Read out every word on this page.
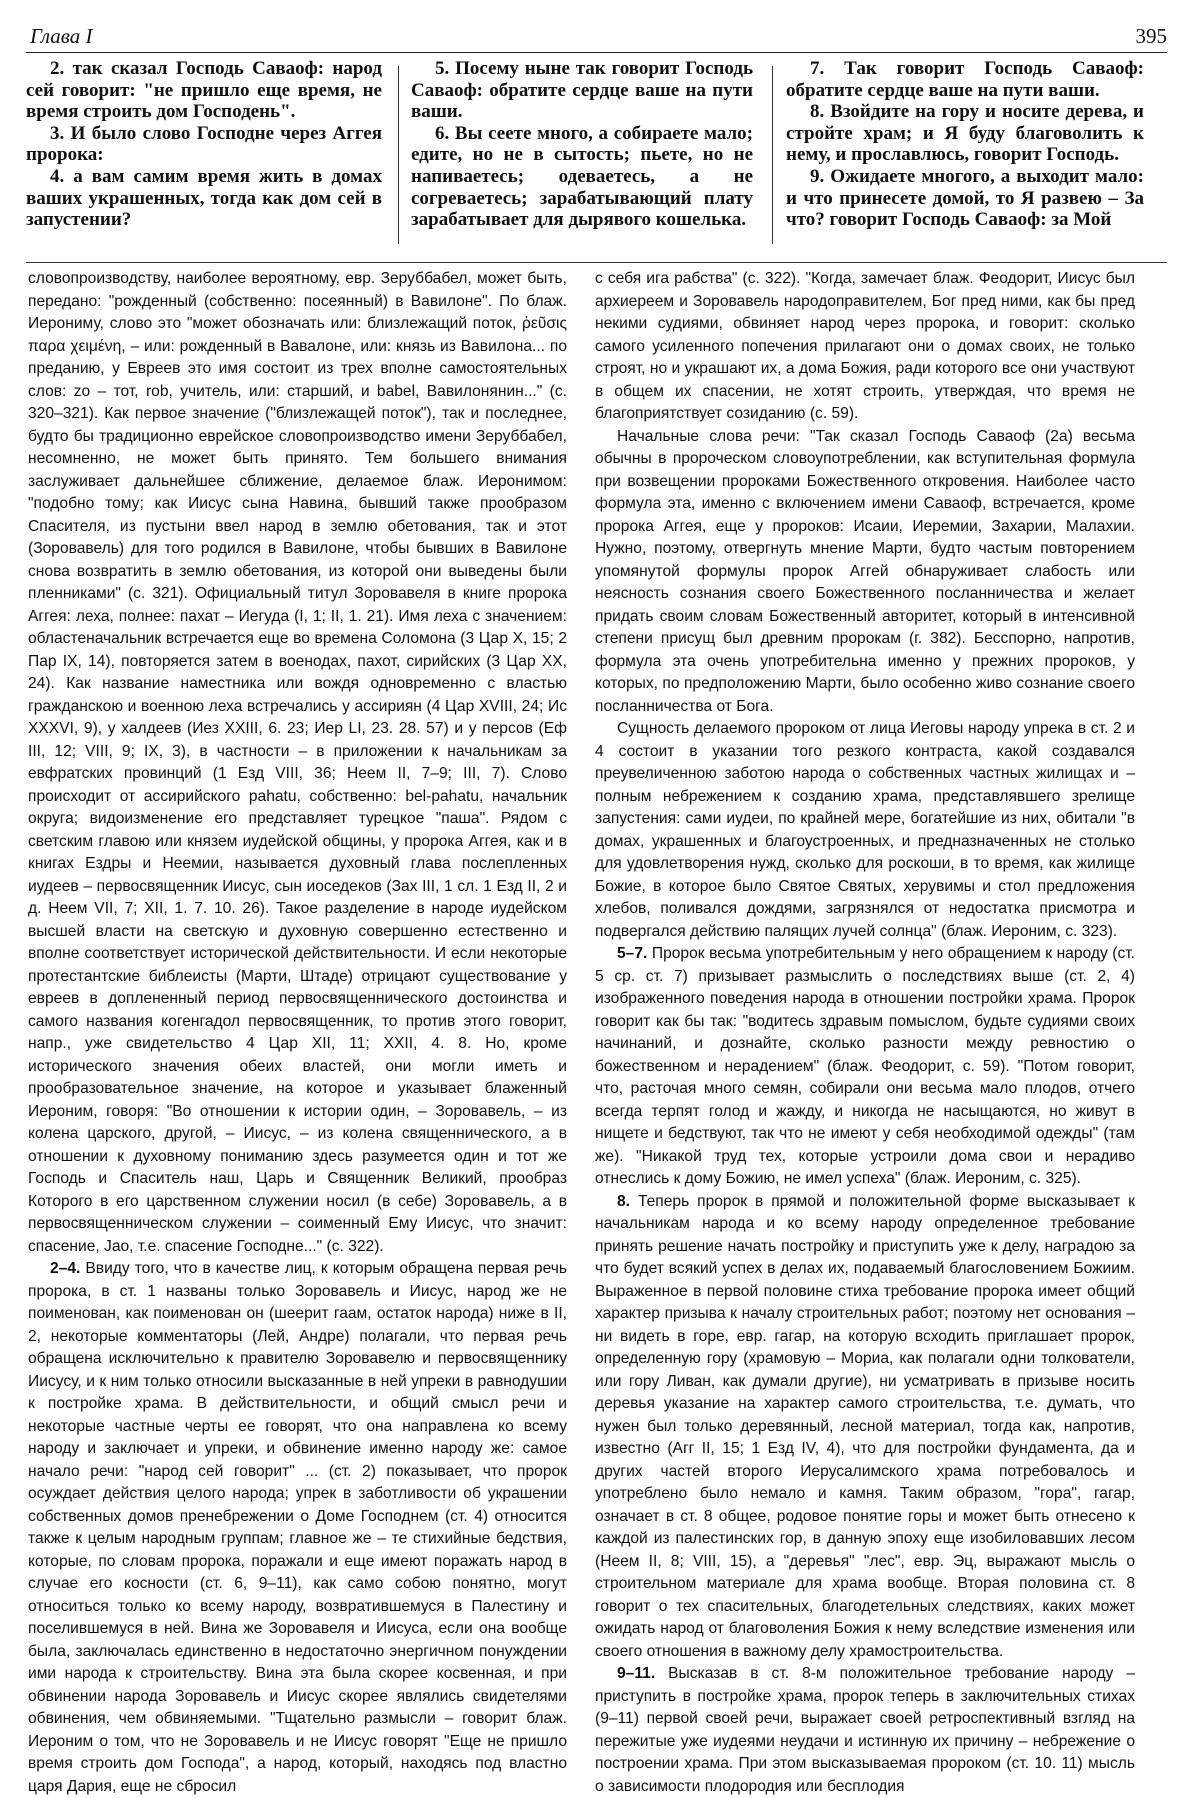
Глава I	395

2. так сказал Господь Саваоф: народ сей говорит: "не пришло еще время, не время строить дом Господень".

3. И было слово Господне через Аггея пророка:

4. а вам самим время жить в домах ваших украшенных, тогда как дом сей в запустении?

5. Посему ныне так говорит Господь Саваоф: обратите сердце ваше на пути ваши.

6. Вы сеете много, а собираете мало; едите, но не в сытость; пьете, но не напиваетесь; одеваетесь, а не согреваетесь; зарабатывающий плату зарабатывает для дырявого кошелька.

7. Так говорит Господь Саваоф: обратите сердце ваше на пути ваши.

8. Взойдите на гору и носите дерева, и стройте храм; и Я буду благоволить к нему, и прославлюсь, говорит Господь.

9. Ожидаете многого, а выходит мало: и что принесете домой, то Я развею – За что? говорит Господь Саваоф: за Мой

словопроизводству, наиболее вероятному, евр. Зеруббабел, может быть, передано: "рожденный (собственно: посеянный) в Вавилоне". По блаж. Иерониму, слово это "может обозначать или: близлежащий поток, ῥεῦσις παρα χειμένη, – или: рожденный в Вавалоне, или: князь из Вавилона... по преданию, у Евреев это имя состоит из трех вполне самостоятельных слов: zo – тот, rob, учитель, или: старший, и babel, Вавилонянин..." (с. 320–321). Как первое значение ("близлежащей поток"), так и последнее, будто бы традиционно еврейское словопроизводство имени Зеруббабел, несомненно, не может быть принято. Тем большего внимания заслуживает дальнейшее сближение, делаемое блаж. Иеронимом: "подобно тому; как Иисус сына Навина, бывший также прообразом Спасителя, из пустыни ввел народ в землю обетования, так и этот (Зоровавель) для того родился в Вавилоне, чтобы бывших в Вавилоне снова возвратить в землю обетования, из которой они выведены были пленниками" (с. 321). Официальный титул Зоровавеля в книге пророка Аггея: леха, полнее: пахат – Иегуда (I, 1; II, 1. 21). Имя леха с значением: областеначальник встречается еще во времена Соломона (3 Цар X, 15; 2 Пар IX, 14), повторяется затем в военодах, пахот, сирийских (3 Цар XX, 24). Как название наместника или вождя одновременно с властью гражданскою и военною леха встречались у ассириян (4 Цар XVIII, 24; Ис XXXVI, 9), у халдеев (Иез XXIII, 6. 23; Иер LI, 23. 28. 57) и у персов (Еф III, 12; VIII, 9; IX, 3), в частности – в приложении к начальникам за евфратских провинций (1 Езд VIII, 36; Неем II, 7–9; III, 7). Слово происходит от ассирийского pahatu, собственно: bel-pahatu, начальник округа; видоизменение его представляет турецкое "паша". Рядом с светским главою или князем иудейской общины, у пророка Аггея, как и в книгах Ездры и Неемии, называется духовный глава послепленных иудеев – первосвященник Иисус, сын иоседеков (Зах III, 1 сл. 1 Езд II, 2 и д. Неем VII, 7; XII, 1. 7. 10. 26). Такое разделение в народе иудейском высшей власти на светскую и духовную совершенно естественно и вполне соответствует исторической действительности. И если некоторые протестантские библеисты (Марти, Штаде) отрицают существование у евреев в доплененный период первосвященнического достоинства и самого названия когенгадол первосвященник, то против этого говорит, напр., уже свидетельство 4 Цар XII, 11; XXII, 4. 8. Но, кроме исторического значения обеих властей, они могли иметь и прообразовательное значение, на которое и указывает блаженный Иероним, говоря: "Во отношении к истории один, – Зоровавель, – из колена царского, другой, – Иисус, – из колена священнического, а в отношении к духовному пониманию здесь разумеется один и тот же Господь и Спаситель наш, Царь и Священник Великий, прообраз Которого в его царственном служении носил (в себе) Зоровавель, а в первосвященническом служении – соименный Ему Иисус, что значит: спасение, Jao, т.е. спасение Господне..." (с. 322).

2–4. Ввиду того, что в качестве лиц, к которым обращена первая речь пророка, в ст. 1 названы только Зоровавель и Иисус, народ же не поименован, как поименован он (шеерит гаам, остаток народа) ниже в II, 2, некоторые комментаторы (Лей, Андре) полагали, что первая речь обращена исключительно к правителю Зоровавелю и первосвященнику Иисусу, и к ним только относили высказанные в ней упреки в равнодушии к постройке храма. В действительности, и общий смысл речи и некоторые частные черты ее говорят, что она направлена ко всему народу и заключает и упреки, и обвинение именно народу же: самое начало речи: "народ сей говорит" ... (ст. 2) показывает, что пророк осуждает действия целого народа; упрек в заботливости об украшении собственных домов пренебрежении о Доме Господнем (ст. 4) относится также к целым народным группам; главное же – те стихийные бедствия, которые, по словам пророка, поражали и еще имеют поражать народ в случае его косности (ст. 6, 9–11), как само собою понятно, могут относиться только ко всему народу, возвратившемуся в Палестину и поселившемуся в ней. Вина же Зоровавеля и Иисуса, если она вообще была, заключалась единственно в недостаточно энергичном понуждении ими народа к строительству. Вина эта была скорее косвенная, и при обвинении народа Зоровавель и Иисус скорее являлись свидетелями обвинения, чем обвиняемыми. "Тщательно размысли – говорит блаж. Иероним о том, что не Зоровавель и не Иисус говорят "Еще не пришло время строить дом Господа", а народ, который, находясь под властно царя Дария, еще не сбросил

с себя ига рабства" (с. 322). "Когда, замечает блаж. Феодорит, Иисус был архиереем и Зоровавель народоправителем, Бог пред ними, как бы пред некими судиями, обвиняет народ через пророка, и говорит: сколько самого усиленного попечения прилагают они о домах своих, не только строят, но и украшают их, а дома Божия, ради которого все они участвуют в общем их спасении, не хотят строить, утверждая, что время не благоприятствует созиданию (с. 59).

Начальные слова речи: "Так сказал Господь Саваоф (2а) весьма обычны в пророческом словоупотреблении, как вступительная формула при возвещении пророками Божественного откровения. Наиболее часто формула эта, именно с включением имени Саваоф, встречается, кроме пророка Аггея, еще у пророков: Исаии, Иеремии, Захарии, Малахии. Нужно, поэтому, отвергнуть мнение Марти, будто частым повторением упомянутой формулы пророк Аггей обнаруживает слабость или неясность сознания своего Божественного посланничества и желает придать своим словам Божественный авторитет, который в интенсивной степени присущ был древним пророкам (г. 382). Бесспорно, напротив, формула эта очень употребительна именно у прежних пророков, у которых, по предположению Марти, было особенно живо сознание своего посланничества от Бога.

Сущность делаемого пророком от лица Иеговы народу упрека в ст. 2 и 4 состоит в указании того резкого контраста, какой создавался преувеличенною заботою народа о собственных частных жилищах и – полным небрежением к созданию храма, представлявшего зрелище запустения: сами иудеи, по крайней мере, богатейшие из них, обитали "в домах, украшенных и благоустроенных, и предназначенных не столько для удовлетворения нужд, сколько для роскоши, в то время, как жилище Божие, в которое было Святое Святых, херувимы и стол предложения хлебов, поливался дождями, загрязнялся от недостатка присмотра и подвергался действию палящих лучей солнца" (блаж. Иероним, с. 323).

5–7. Пророк весьма употребительным у него обращением к народу (ст. 5 ср. ст. 7) призывает размыслить о последствиях выше (ст. 2, 4) изображенного поведения народа в отношении постройки храма. Пророк говорит как бы так: "водитесь здравым помыслом, будьте судиями своих начинаний, и дознайте, сколько разности между ревностию о божественном и нерадением" (блаж. Феодорит, с. 59). "Потом говорит, что, расточая много семян, собирали они весьма мало плодов, отчего всегда терпят голод и жажду, и никогда не насыщаются, но живут в нищете и бедствуют, так что не имеют у себя необходимой одежды" (там же). "Никакой труд тех, которые устроили дома свои и нерадиво отнеслись к дому Божию, не имел успеха" (блаж. Иероним, с. 325).

8. Теперь пророк в прямой и положительной форме высказывает к начальникам народа и ко всему народу определенное требование принять решение начать постройку и приступить уже к делу, наградою за что будет всякий успех в делах их, подаваемый благословением Божиим. Выраженное в первой половине стиха требование пророка имеет общий характер призыва к началу строительных работ; поэтому нет основания – ни видеть в горе, евр. гагар, на которую всходить приглашает пророк, определенную гору (храмовую – Мориа, как полагали одни толкователи, или гору Ливан, как думали другие), ни усматривать в призыве носить деревья указание на характер самого строительства, т.е. думать, что нужен был только деревянный, лесной материал, тогда как, напротив, известно (Агг II, 15; 1 Езд IV, 4), что для постройки фундамента, да и других частей второго Иерусалимского храма потребовалось и употреблено было немало и камня. Таким образом, "гора", гагар, означает в ст. 8 общее, родовое понятие горы и может быть отнесено к каждой из палестинских гор, в данную эпоху еще изобиловавших лесом (Неем II, 8; VIII, 15), а "деревья" "лес", евр. Эц, выражают мысль о строительном материале для храма вообще. Вторая половина ст. 8 говорит о тех спасительных, благодетельных следствиях, каких может ожидать народ от благоволения Божия к нему вследствие изменения или своего отношения в важному делу храмостроительства.

9–11. Высказав в ст. 8-м положительное требование народу – приступить в постройке храма, пророк теперь в заключительных стихах (9–11) первой своей речи, выражает своей ретроспективный взгляд на пережитые уже иудеями неудачи и истинную их причину – небрежение о построении храма. При этом высказываемая пророком (ст. 10. 11) мысль о зависимости плодородия или бесплодия
